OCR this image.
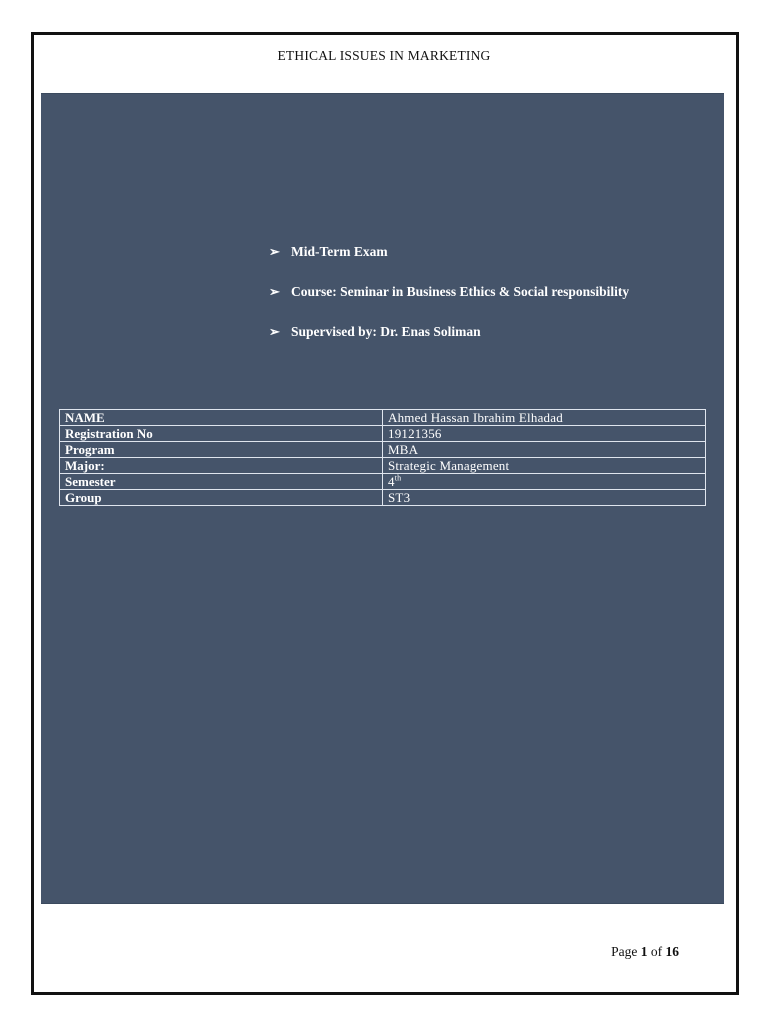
ETHICAL ISSUES IN MARKETING
➢ Mid-Term Exam
➢ Course: Seminar in Business Ethics & Social responsibility
➢ Supervised by: Dr. Enas Soliman
NAME	Ahmed Hassan Ibrahim Elhadad
Registration No	19121356
Program	MBA
Major:	Strategic Management
Semester	4th
Group	ST3
Page 1 of 16
